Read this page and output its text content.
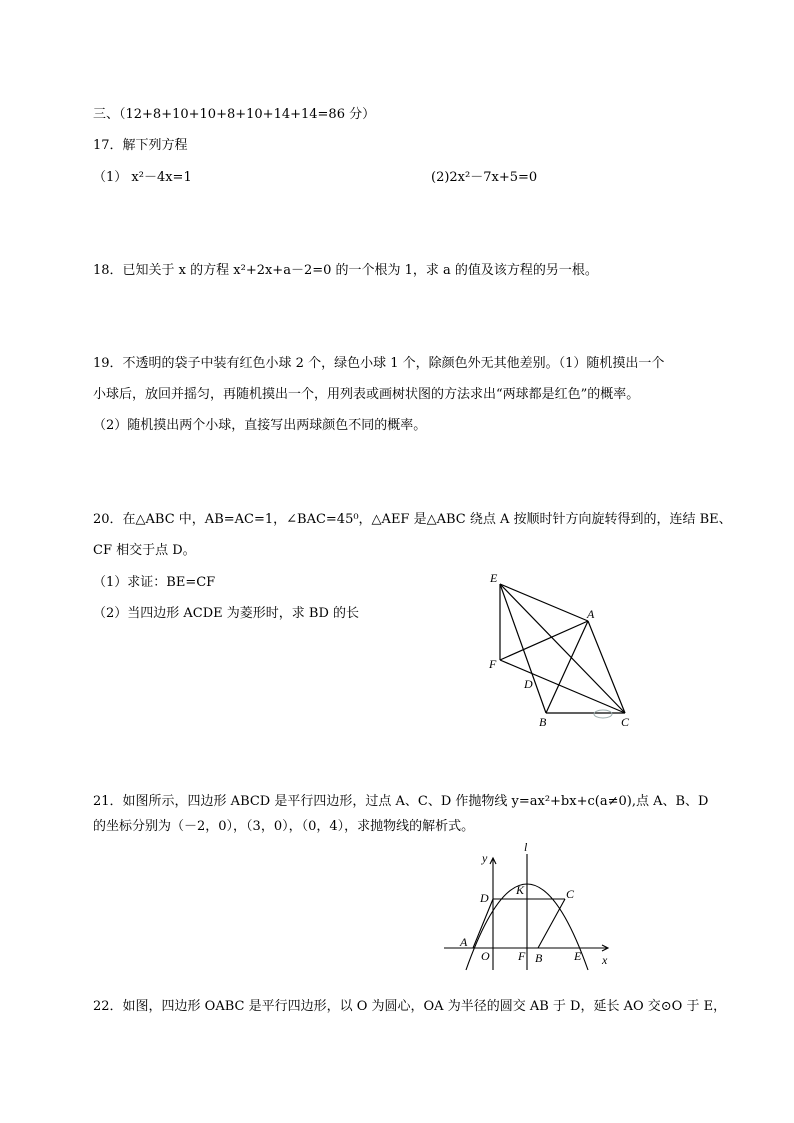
三、（12+8+10+10+8+10+14+14=86 分）
17．解下列方程
（1） x²－4x=1	(2)2x²－7x+5=0
18．已知关于 x 的方程 x²+2x+a－2=0 的一个根为 1，求 a 的值及该方程的另一根。
19．不透明的袋子中装有红色小球 2 个，绿色小球 1 个，除颜色外无其他差别。（1）随机摸出一个
小球后，放回并摇匀，再随机摸出一个，用列表或画树状图的方法求出“两球都是红色”的概率。
（2）随机摸出两个小球，直接写出两球颜色不同的概率。
20．在△ABC 中，AB=AC=1，∠BAC=45⁰，△AEF 是△ABC 绕点 A 按顺时针方向旋转得到的，连结 BE、
CF 相交于点 D。
（1）求证：BE=CF
（2）当四边形 ACDE 为菱形时，求 BD 的长
E
A
F
D
B	C
21．如图所示，四边形 ABCD 是平行四边形，过点 A、C、D 作抛物线 y=ax²+bx+c(a≠0),点 A、B、D
的坐标分别为（－2，0），（3，0），（0，4），求抛物线的解析式。
y
l
D
K	C
A
O F B	E x
22．如图，四边形 OABC 是平行四边形，以 O 为圆心，OA 为半径的圆交 AB 于 D，延长 AO 交⊙O 于 E，
